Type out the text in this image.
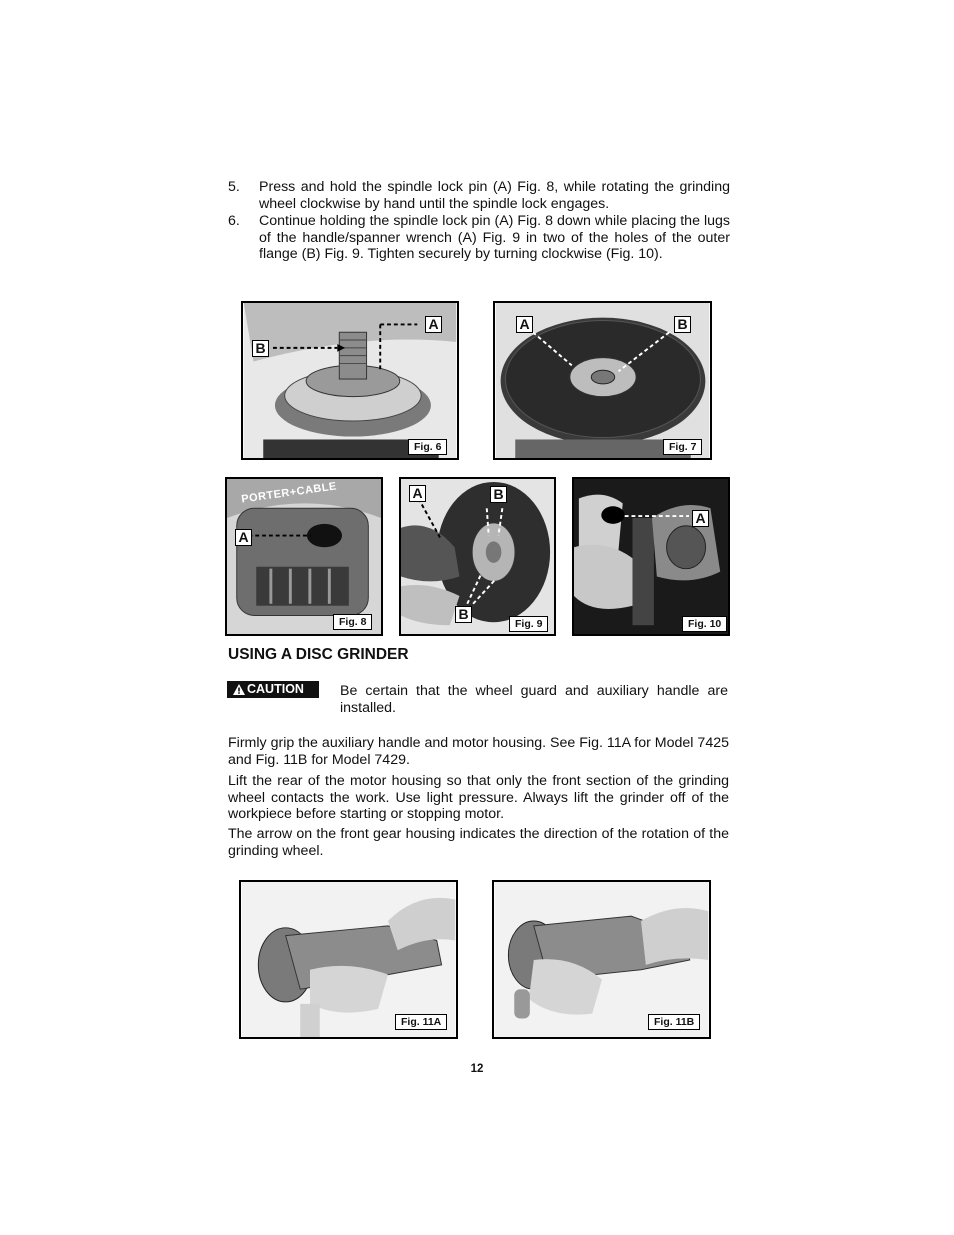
5. Press and hold the spindle lock pin (A) Fig. 8, while rotating the grinding wheel clockwise by hand until the spindle lock engages.
6. Continue holding the spindle lock pin (A) Fig. 8 down while placing the lugs of the handle/spanner wrench (A) Fig. 9 in two of the holes of the outer flange (B) Fig. 9. Tighten securely by turning clockwise (Fig. 10).
A
B
Fig. 6
A	B
Fig. 7
PORTER+CABLE
A
Fig. 8
A	B
B
Fig. 9
A
Fig. 10
USING A DISC GRINDER
CAUTION	Be certain that the wheel guard and auxiliary handle are installed.
Firmly grip the auxiliary handle and motor housing. See Fig. 11A for Model 7425 and Fig. 11B for Model 7429.
Lift the rear of the motor housing so that only the front section of the grinding wheel contacts the work. Use light pressure. Always lift the grinder off of the workpiece before starting or stopping motor.
The arrow on the front gear housing indicates the direction of the rotation of the grinding wheel.
Fig. 11A	Fig. 11B
12
